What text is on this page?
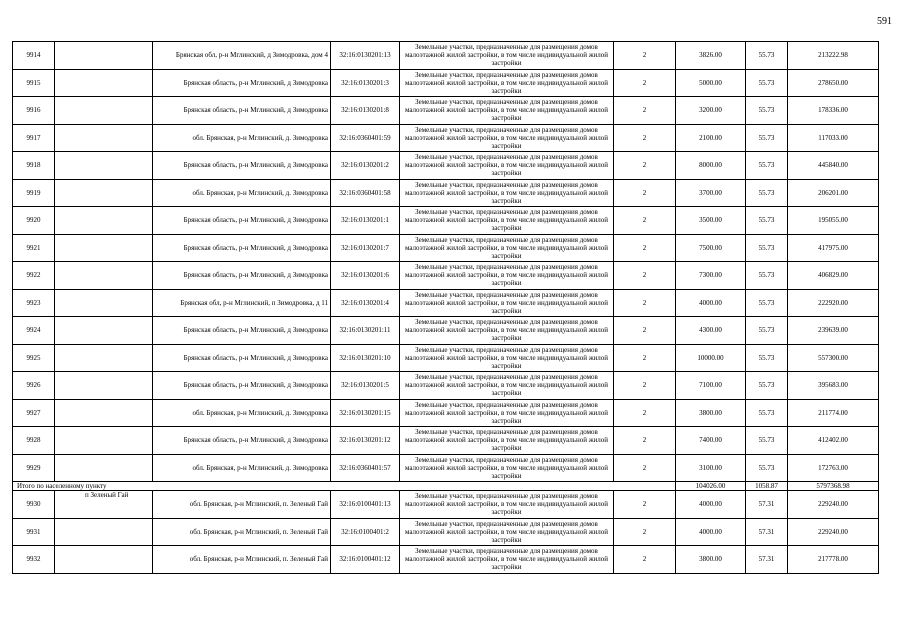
591
9914		Брянская обл, р-н Мглинский, д Зимодровка, дом 4	32:16:0130201:13	Земельные участки, предназначенные для размещения домов малоэтажной жилой застройки, в том числе индивидуальной жилой застройки	2	3826.00	55.73	213222.98
9915		Брянская область, р-н Мглинский, д Зимодровка	32:16:0130201:3	Земельные участки, предназначенные для размещения домов малоэтажной жилой застройки, в том числе индивидуальной жилой застройки	2	5000.00	55.73	278650.00
9916		Брянская область, р-н Мглинский, д Зимодровка	32:16:0130201:8	Земельные участки, предназначенные для размещения домов малоэтажной жилой застройки, в том числе индивидуальной жилой застройки	2	3200.00	55.73	178336.00
9917		обл. Брянская, р-н Мглинский, д. Зимодровка	32:16:0360401:59	Земельные участки, предназначенные для размещения домов малоэтажной жилой застройки, в том числе индивидуальной жилой застройки	2	2100.00	55.73	117033.00
9918		Брянская область, р-н Мглинский, д Зимодровка	32:16:0130201:2	Земельные участки, предназначенные для размещения домов малоэтажной жилой застройки, в том числе индивидуальной жилой застройки	2	8000.00	55.73	445840.00
9919		обл. Брянская, р-н Мглинский, д. Зимодровка	32:16:0360401:58	Земельные участки, предназначенные для размещения домов малоэтажной жилой застройки, в том числе индивидуальной жилой застройки	2	3700.00	55.73	206201.00
9920		Брянская область, р-н Мглинский, д Зимодровка	32:16:0130201:1	Земельные участки, предназначенные для размещения домов малоэтажной жилой застройки, в том числе индивидуальной жилой застройки	2	3500.00	55.73	195055.00
9921		Брянская область, р-н Мглинский, д Зимодровка	32:16:0130201:7	Земельные участки, предназначенные для размещения домов малоэтажной жилой застройки, в том числе индивидуальной жилой застройки	2	7500.00	55.73	417975.00
9922		Брянская область, р-н Мглинский, д Зимодровка	32:16:0130201:6	Земельные участки, предназначенные для размещения домов малоэтажной жилой застройки, в том числе индивидуальной жилой застройки	2	7300.00	55.73	406829.00
9923		Брянская обл, р-н Мглинский, п Зимодровка, д 11	32:16:0130201:4	Земельные участки, предназначенные для размещения домов малоэтажной жилой застройки, в том числе индивидуальной жилой застройки	2	4000.00	55.73	222920.00
9924		Брянская область, р-н Мглинский, д Зимодровка	32:16:0130201:11	Земельные участки, предназначенные для размещения домов малоэтажной жилой застройки, в том числе индивидуальной жилой застройки	2	4300.00	55.73	239639.00
9925		Брянская область, р-н Мглинский, д Зимодровка	32:16:0130201:10	Земельные участки, предназначенные для размещения домов малоэтажной жилой застройки, в том числе индивидуальной жилой застройки	2	10000.00	55.73	557300.00
9926		Брянская область, р-н Мглинский, д Зимодровка	32:16:0130201:5	Земельные участки, предназначенные для размещения домов малоэтажной жилой застройки, в том числе индивидуальной жилой застройки	2	7100.00	55.73	395683.00
9927		обл. Брянская, р-н Мглинский, д. Зимодровка	32:16:0130201:15	Земельные участки, предназначенные для размещения домов малоэтажной жилой застройки, в том числе индивидуальной жилой застройки	2	3800.00	55.73	211774.00
9928		Брянская область, р-н Мглинский, д Зимодровка	32:16:0130201:12	Земельные участки, предназначенные для размещения домов малоэтажной жилой застройки, в том числе индивидуальной жилой застройки	2	7400.00	55.73	412402.00
9929		обл. Брянская, р-н Мглинский, д. Зимодровка	32:16:0360401:57	Земельные участки, предназначенные для размещения домов малоэтажной жилой застройки, в том числе индивидуальной жилой застройки	2	3100.00	55.73	172763.00
Итого по населенному пункту						104026.00	1058.87	5797368.98
9930	п Зеленый Гай	обл. Брянская, р-н Мглинский, п. Зеленый Гай	32:16:0100401:13	Земельные участки, предназначенные для размещения домов малоэтажной жилой застройки, в том числе индивидуальной жилой застройки	2	4000.00	57.31	229240.00
9931		обл. Брянская, р-н Мглинский, п. Зеленый Гай	32:16:0100401:2	Земельные участки, предназначенные для размещения домов малоэтажной жилой застройки, в том числе индивидуальной жилой застройки	2	4000.00	57.31	229240.00
9932		обл. Брянская, р-н Мглинский, п. Зеленый Гай	32:16:0100401:12	Земельные участки, предназначенные для размещения домов малоэтажной жилой застройки, в том числе индивидуальной жилой застройки	2	3800.00	57.31	217778.00
